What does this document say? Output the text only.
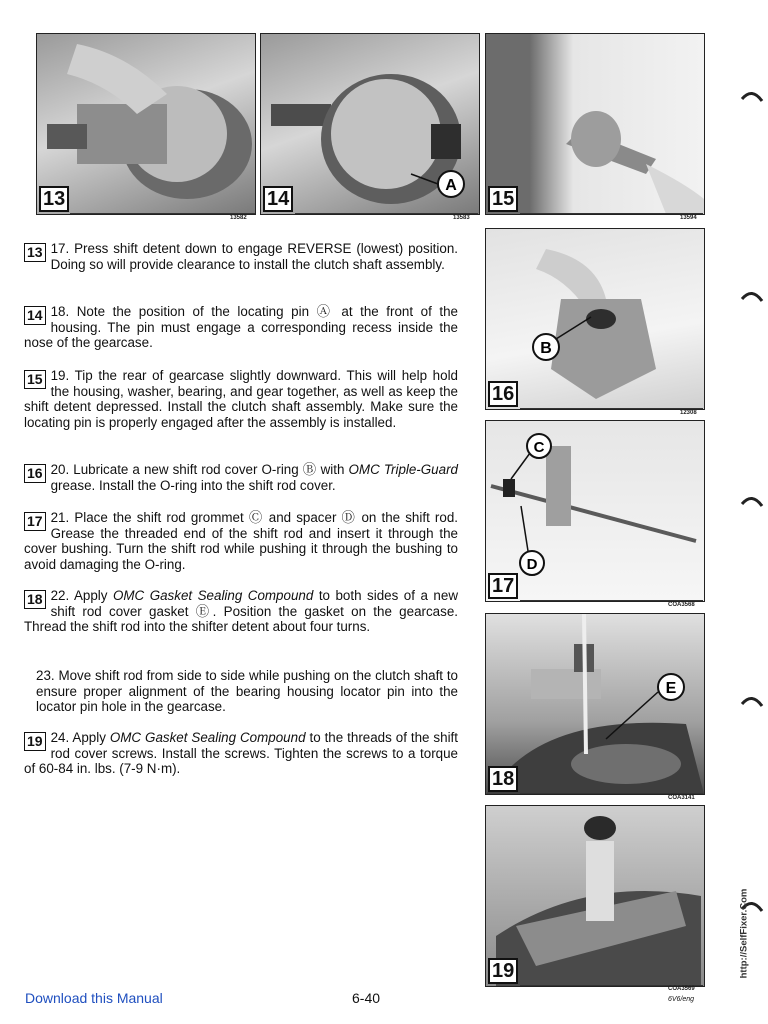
13
13582
A
14
13583
15
13594
B
16
12308
C
D
17
COA3568
E
18
COA3141
19
COA3569
13 17. Press shift detent down to engage REVERSE (lowest) position. Doing so will provide clearance to install the clutch shaft assembly.
14 18. Note the position of the locating pin Ⓐ at the front of the housing. The pin must engage a corresponding recess inside the nose of the gearcase.
15 19. Tip the rear of gearcase slightly downward. This will help hold the housing, washer, bearing, and gear together, as well as keep the shift detent depressed. Install the clutch shaft assembly. Make sure the locating pin is properly engaged after the assembly is installed.
16 20. Lubricate a new shift rod cover O-ring Ⓑ with OMC Triple-Guard grease. Install the O-ring into the shift rod cover.
17 21. Place the shift rod grommet Ⓒ and spacer Ⓓ on the shift rod. Grease the threaded end of the shift rod and insert it through the cover bushing. Turn the shift rod while pushing it through the bushing to avoid damaging the O-ring.
18 22. Apply OMC Gasket Sealing Compound to both sides of a new shift rod cover gasket Ⓔ. Position the gasket on the gearcase. Thread the shift rod into the shifter detent about four turns.
23. Move shift rod from side to side while pushing on the clutch shaft to ensure proper alignment of the bearing housing locator pin into the locator pin hole in the gearcase.
19 24. Apply OMC Gasket Sealing Compound to the threads of the shift rod cover screws. Install the screws. Tighten the screws to a torque of 60-84 in. lbs. (7-9 N·m).
Download this Manual	6-40	6V6/eng
http://SelfFixer.Com
